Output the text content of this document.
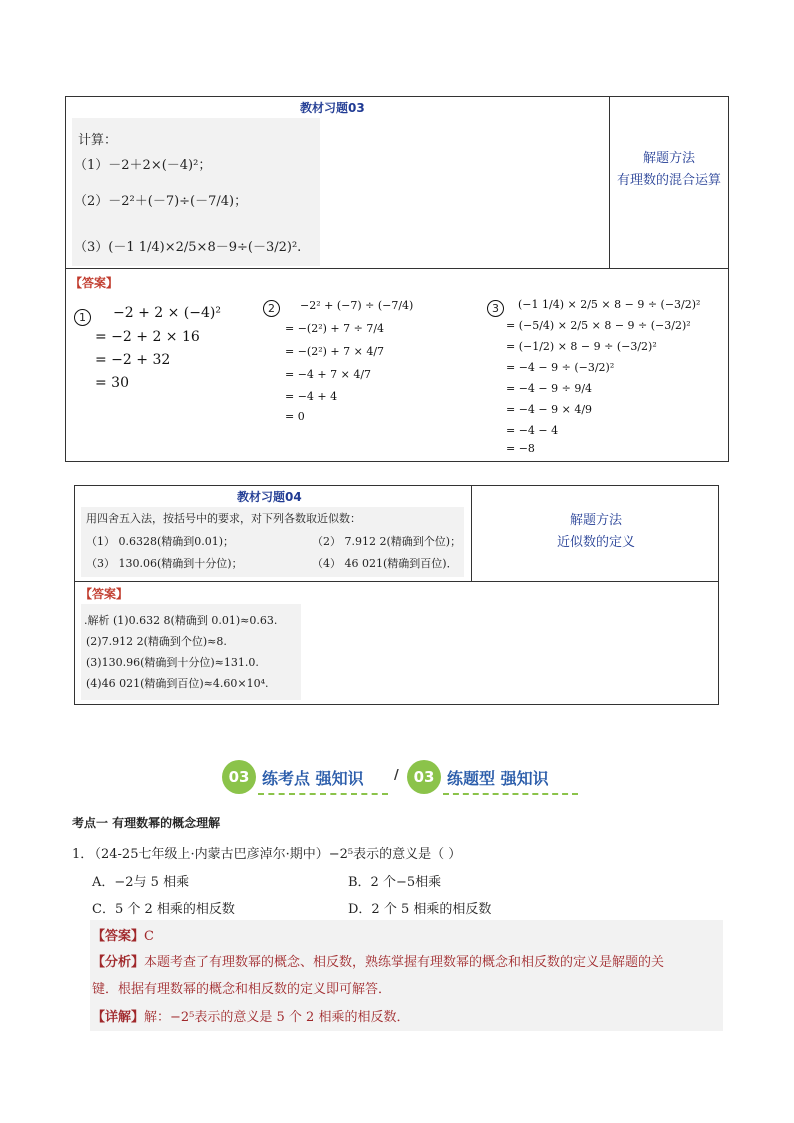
教材习题03
计算：
（1）－2＋2×(－4)²；
（2）－2²＋(－7)÷(－7/4)；
（3）(－1 1/4)×2/5×8－9÷(－3/2)².
解题方法
有理数的混合运算
【答案】
1	−2 + 2 × (−4)²
= −2 + 2 × 16
= −2 + 32
= 30
2	−2² + (−7) ÷ (−7/4)
= −(2²) + 7 ÷ 7/4
= −(2²) + 7 × 4/7
= −4 + 7 × 4/7
= −4 + 4
= 0
3	(−1 1/4) × 2/5 × 8 − 9 ÷ (−3/2)²
= (−5/4) × 2/5 × 8 − 9 ÷ (−3/2)²
= (−1/2) × 8 − 9 ÷ (−3/2)²
= −4 − 9 ÷ (−3/2)²
= −4 − 9 ÷ 9/4
= −4 − 9 × 4/9
= −4 − 4
= −8
教材习题04
用四舍五入法，按括号中的要求，对下列各数取近似数：
（1） 0.6328(精确到0.01)；	（2） 7.912 2(精确到个位)；
（3） 130.06(精确到十分位)；	（4） 46 021(精确到百位)．
解题方法
近似数的定义
【答案】
.解析 (1)0.632 8(精确到 0.01)≈0.63.
(2)7.912 2(精确到个位)≈8.
(3)130.96(精确到十分位)≈131.0.
(4)46 021(精确到百位)≈4.60×10⁴.
03 练考点 强知识 / 03 练题型 强知识
考点一 有理数幂的概念理解
1．
（24-25七年级上·内蒙古巴彦淖尔·期中）−2⁵表示的意义是（ ）
A．−2与 5 相乘	B．2 个−5相乘
C．5 个 2 相乘的相反数	D．2 个 5 相乘的相反数
【答案】C
【分析】本题考查了有理数幂的概念、相反数，熟练掌握有理数幂的概念和相反数的定义是解题的关
键．根据有理数幂的概念和相反数的定义即可解答．
【详解】解：−2⁵表示的意义是 5 个 2 相乘的相反数．
